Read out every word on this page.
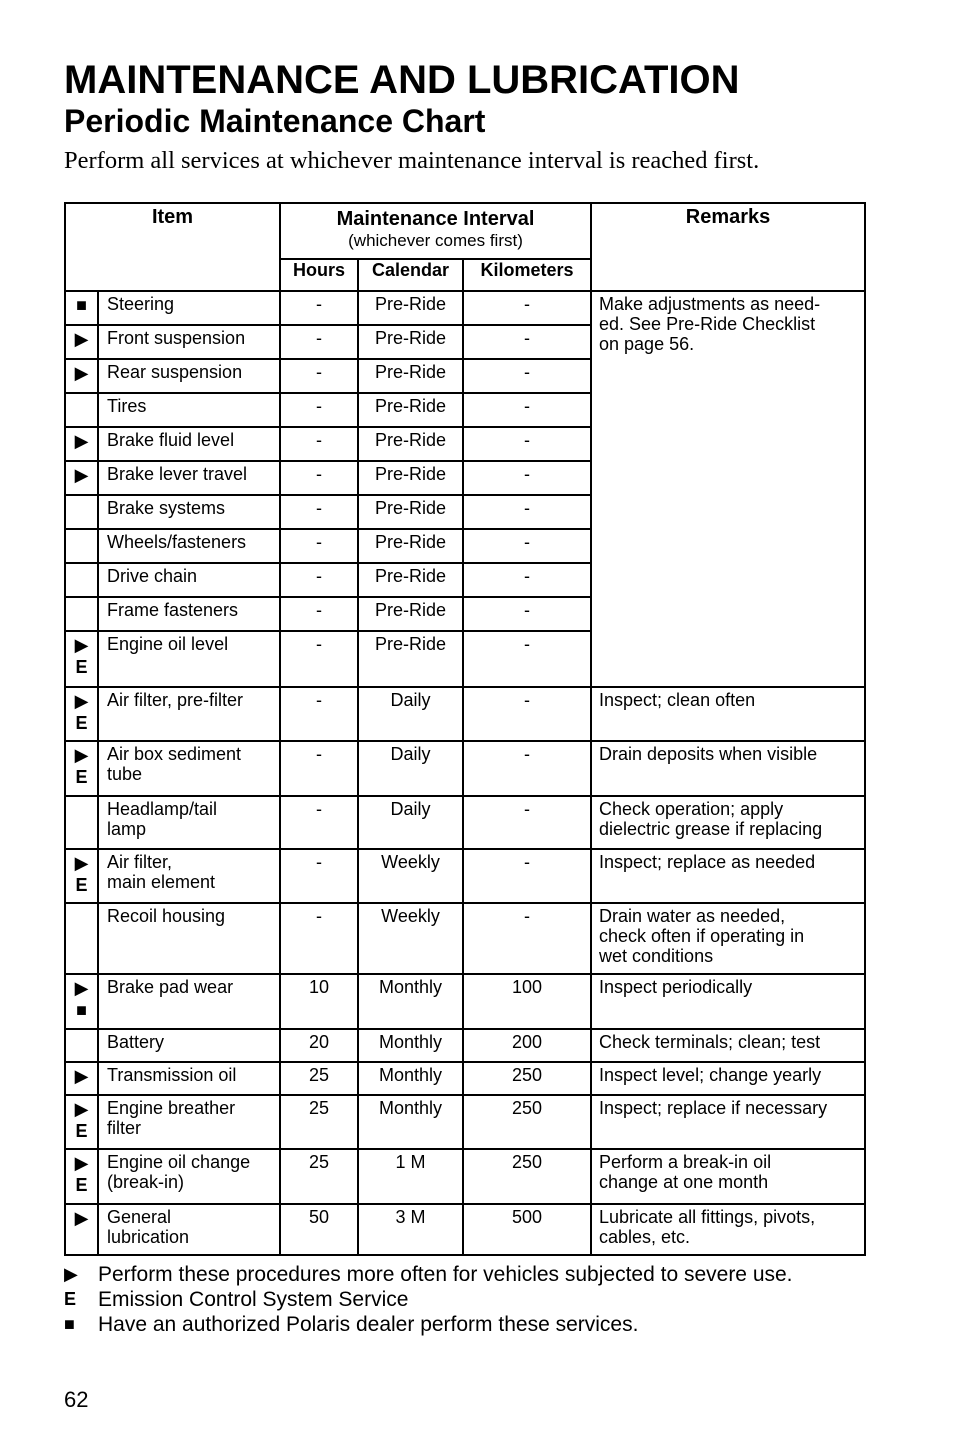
MAINTENANCE AND LUBRICATION
Periodic Maintenance Chart

Perform all services at whichever maintenance interval is reached first.

Item		Maintenance Interval
(whichever comes first)			Remarks
		Hours	Calendar	Kilometers	

■	Steering	-	Pre-Ride	-	Make adjustments as need-
ed. See Pre-Ride Checklist
on page 56.

▶	Front suspension	-	Pre-Ride	-	

▶	Rear suspension	-	Pre-Ride	-	
	Tires	-	Pre-Ride	-	

▶	Brake fluid level	-	Pre-Ride	-	

▶	Brake lever travel	-	Pre-Ride	-	
	Brake systems	-	Pre-Ride	-	
	Wheels/fasteners	-	Pre-Ride	-	
	Drive chain	-	Pre-Ride	-	
	Frame fasteners	-	Pre-Ride	-	

▶
E	Engine oil level	-	Pre-Ride	-	

▶
E	Air filter, pre-filter	-	Daily	-	Inspect; clean often

▶
E	Air box sediment
tube	-	Daily	-	Drain deposits when visible
	Headlamp/tail
lamp	-	Daily	-	Check operation; apply
dielectric grease if replacing

▶
E	Air filter,
main element	-	Weekly	-	Inspect; replace as needed
	Recoil housing	-	Weekly	-	Drain water as needed,
check often if operating in
wet conditions

▶
■	Brake pad wear	10	Monthly	100	Inspect periodically
	Battery	20	Monthly	200	Check terminals; clean; test

▶	Transmission oil	25	Monthly	250	Inspect level; change yearly

▶
E	Engine breather
filter	25	Monthly	250	Inspect; replace if necessary

▶
E	Engine oil change
(break-in)	25	1 M	250	Perform a break-in oil
change at one month

▶	General
lubrication	50	3 M	500	Lubricate all fittings, pivots,
cables, etc.
▶ Perform these procedures more often for vehicles subjected to severe use.
E	Emission Control System Service
■	Have an authorized Polaris dealer perform these services.
62
